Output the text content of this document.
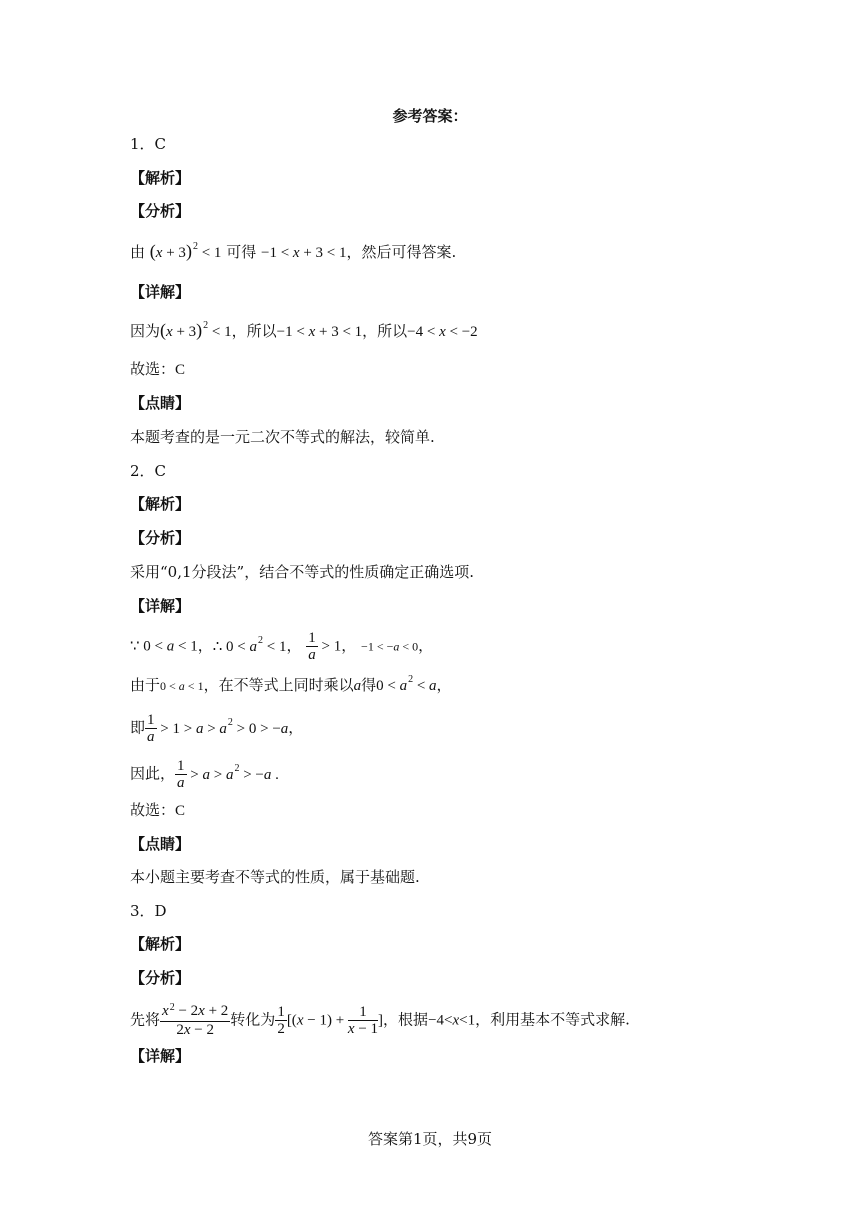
参考答案：
1．C
【解析】
【分析】
由 $(x + 3)^2 < 1$ 可得 −1 < x + 3 < 1，然后可得答案.
【详解】
因为$(x + 3)^2 < 1$，所以−1 < x + 3 < 1，所以−4 < x < −2
故选：C
【点睛】
本题考查的是一元二次不等式的解法，较简单.
2．C
【解析】
【分析】
采用“0,1分段法”，结合不等式的性质确定正确选项.
【详解】
∵ 0 < a < 1，∴ $0 < a^2 < 1$， $\frac{1}{a} > 1$， −1 < −a < 0，
由于0 < a < 1，在不等式上同时乘以a得$0 < a^2 < a$，
即 $\frac{1}{a} > 1 > a > a^2 > 0 > -a$，
因此， $\frac{1}{a} > a > a^2 > -a$ .
故选：C
【点睛】
本小题主要考查不等式的性质，属于基础题.
3．D
【解析】
【分析】
先将 $\frac{x^2 - 2x + 2}{2x - 2}$ 转化为 $\frac{1}{2} [(x - 1) + \frac{1}{x - 1}$ ]，根据−4<x<1，利用基本不等式求解.
【详解】
答案第1页，共9页
